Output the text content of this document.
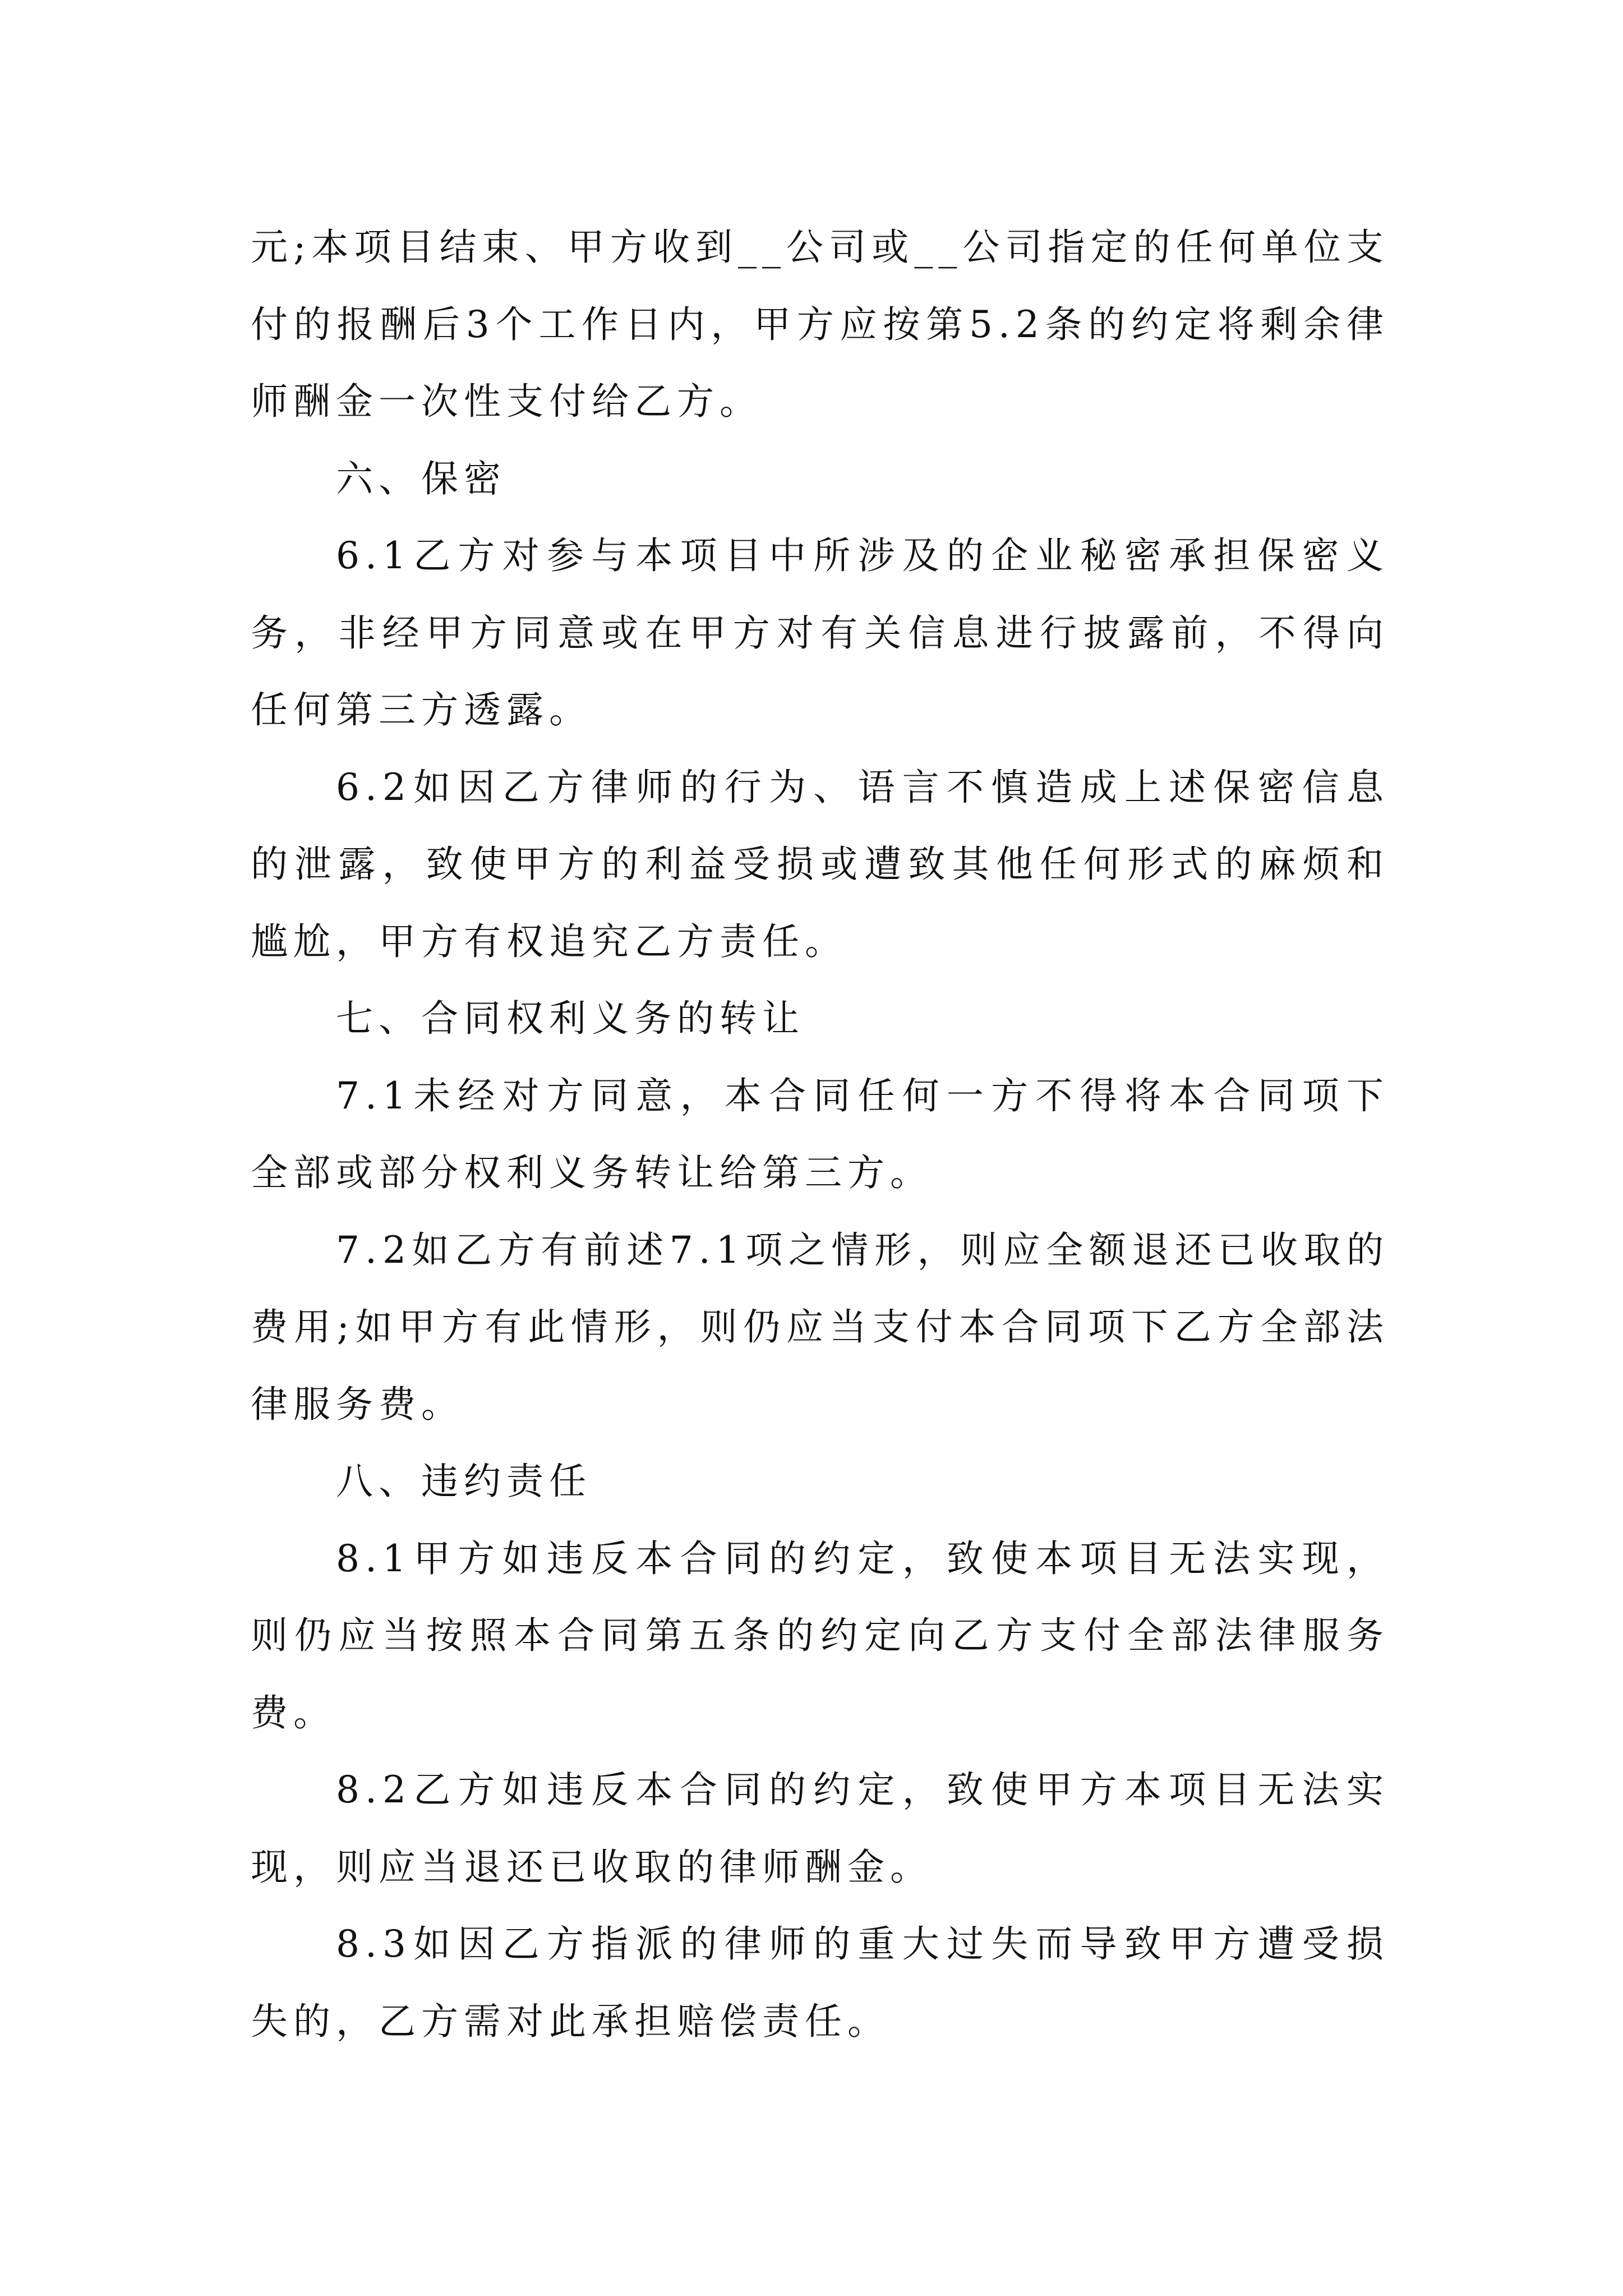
元;本项目结束、甲方收到__公司或__公司指定的任何单位支付的报酬后3个工作日内，甲方应按第5.2条的约定将剩余律师酬金一次性支付给乙方。

六、保密

6.1乙方对参与本项目中所涉及的企业秘密承担保密义务，非经甲方同意或在甲方对有关信息进行披露前，不得向任何第三方透露。

6.2如因乙方律师的行为、语言不慎造成上述保密信息的泄露，致使甲方的利益受损或遭致其他任何形式的麻烦和尴尬，甲方有权追究乙方责任。

七、合同权利义务的转让

7.1未经对方同意，本合同任何一方不得将本合同项下全部或部分权利义务转让给第三方。

7.2如乙方有前述7.1项之情形，则应全额退还已收取的费用;如甲方有此情形，则仍应当支付本合同项下乙方全部法律服务费。

八、违约责任

8.1甲方如违反本合同的约定，致使本项目无法实现，则仍应当按照本合同第五条的约定向乙方支付全部法律服务费。

8.2乙方如违反本合同的约定，致使甲方本项目无法实现，则应当退还已收取的律师酬金。

8.3如因乙方指派的律师的重大过失而导致甲方遭受损失的，乙方需对此承担赔偿责任。
